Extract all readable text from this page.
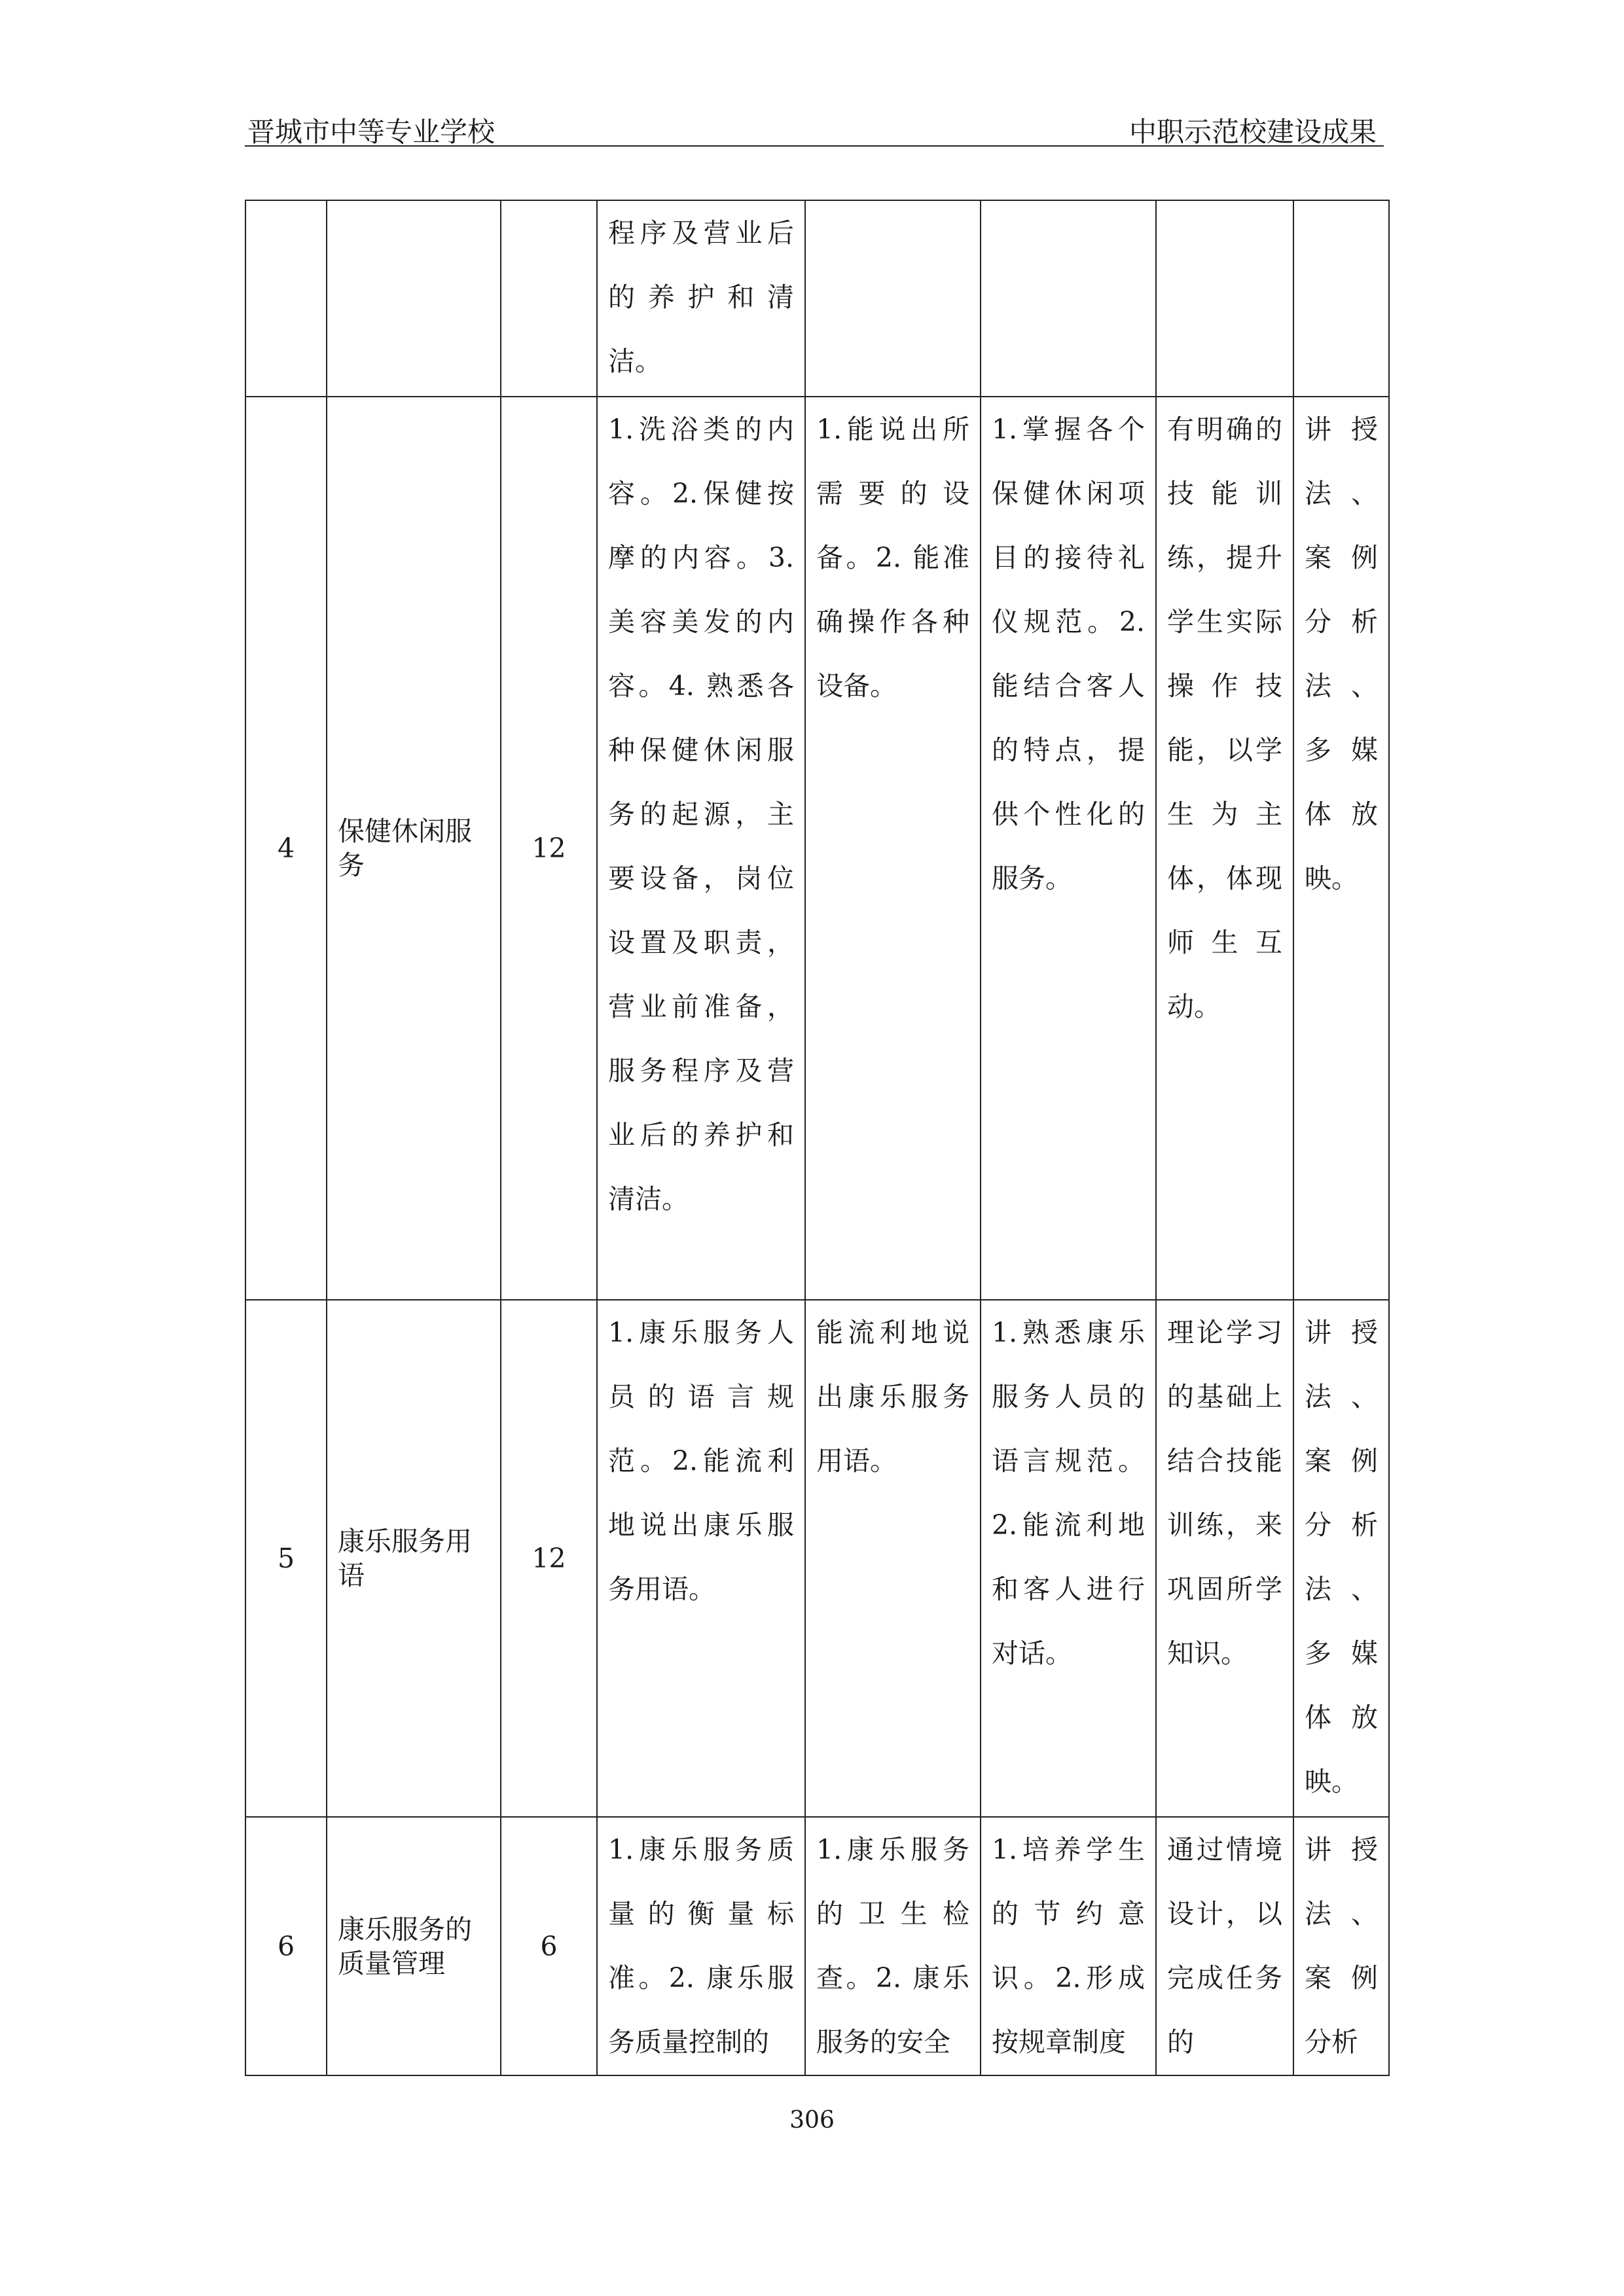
晋城市中等专业学校	中职示范校建设成果
			程序及营业后的养护和清洁。				
4	保健休闲服务	12	1.洗浴类的内容。2.保健按摩的内容。3.美容美发的内容。4. 熟悉各种保健休闲服务的起源，主要设备，岗位设置及职责，营业前准备，服务程序及营业后的养护和清洁。	1.能说出所需要的设备。2. 能准确操作各种设备。	1.掌握各个保健休闲项目的接待礼仪规范。2.能结合客人的特点，提供个性化的服务。	有明确的技能训练，提升学生实际操作技能，以学生为主体，体现师生互动。	讲授法、案例分析法、多媒体放映。
5	康乐服务用语	12	1.康乐服务人员的语言规范。2.能流利地说出康乐服务用语。	能流利地说出康乐服务用语。	1.熟悉康乐服务人员的语言规范。2.能流利地和客人进行对话。	理论学习的基础上结合技能训练，来巩固所学知识。	讲授法、案例分析法、多媒体放映。
6	康乐服务的质量管理	6	1.康乐服务质量的衡量标准。2. 康乐服务质量控制的	1.康乐服务的卫生检查。2. 康乐服务的安全	1.培养学生的节约意识。2.形成按规章制度	通过情境设计，以完成任务的	讲授法、案例分析
306
